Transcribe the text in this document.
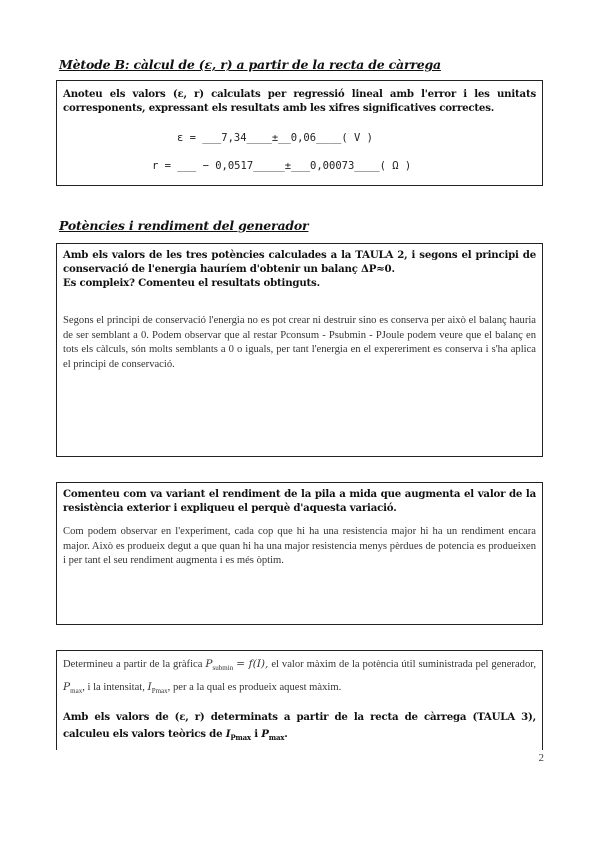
Mètode B: càlcul de (ε, r) a partir de la recta de càrrega

Anoteu els valors (ε, r) calculats per regressió lineal amb l'error i les unitats corresponents, expressant els resultats amb les xifres significatives correctes.

ε = ___7,34____±__0,06____( V )
r = ___ − 0,0517_____±___0,00073____( Ω )
Potències i rendiment del generador

Amb els valors de les tres potències calculades a la TAULA 2, i segons el principi de conservació de l'energia hauríem d'obtenir un balanç ΔP≈0.

Es compleix? Comenteu el resultats obtinguts.

Segons el principi de conservació l'energia no es pot crear ni destruir sino es conserva per això el balanç hauria de ser semblant a 0. Podem observar que al restar Pconsum - Psubmin - PJoule podem veure que el balanç en tots els càlculs, són molts semblants a 0 o iguals, per tant l'energia en el expereriment es conserva i s'ha aplica el principi de conservació.

Comenteu com va variant el rendiment de la pila a mida que augmenta el valor de la resistència exterior i expliqueu el perquè d'aquesta variació.

Com podem observar en l'experiment, cada cop que hi ha una resistencia major hi ha un rendiment encara major. Això es produeix degut a que quan hi ha una major resistencia menys pèrdues de potencia es produeixen i per tant el seu rendiment augmenta i es més òptim.

Determineu a partir de la gràfica $P_{submin} = f(I)$, el valor màxim de la potència útil suministrada pel generador, $P_{max}$, i la intensitat, $I_{Pmax}$, per a la qual es produeix aquest màxim.

Amb els valors de (ε, r) determinats a partir de la recta de càrrega (TAULA 3), calculeu els valors teòrics de $I_{Pmax}$ i $P_{max}$.

2
